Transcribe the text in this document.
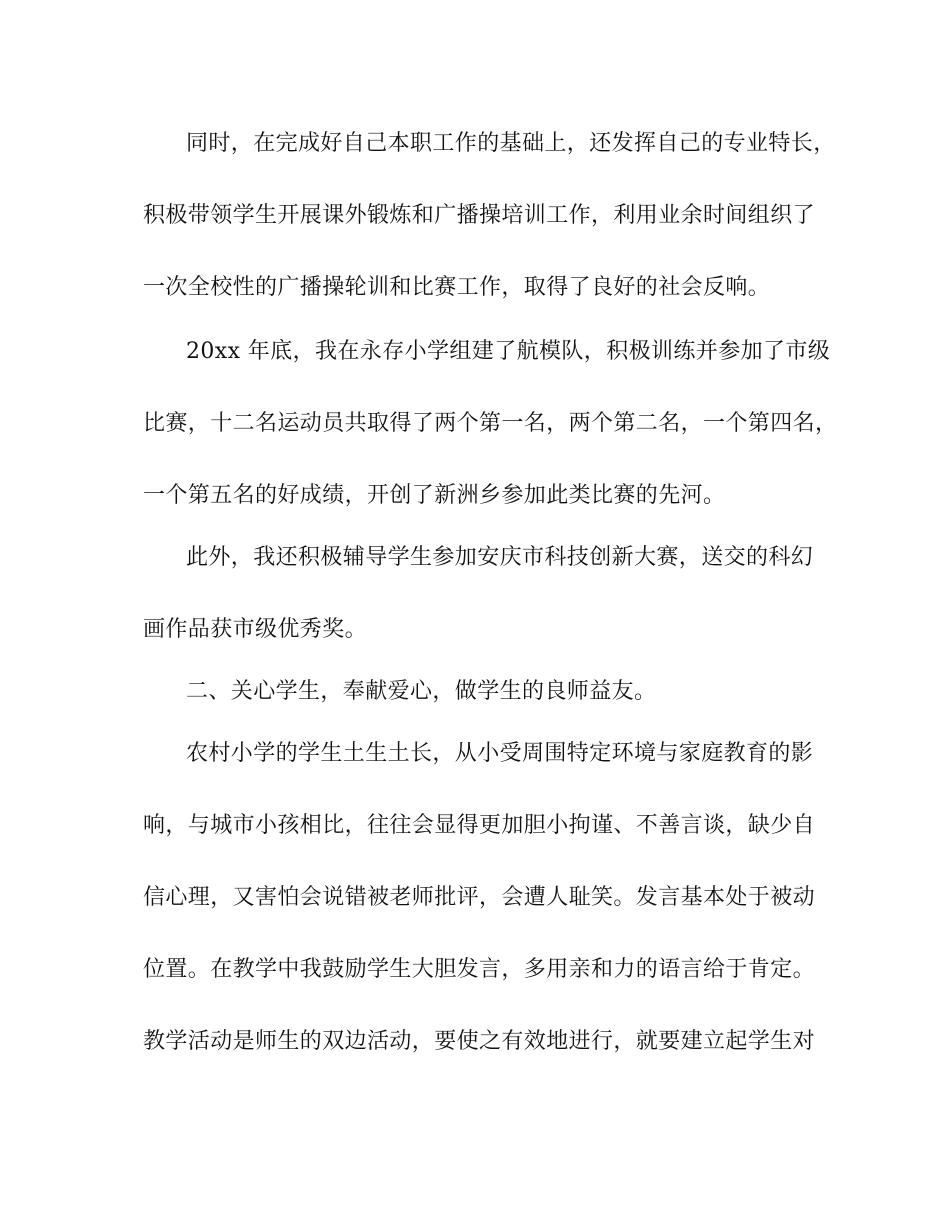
同时，在完成好自己本职工作的基础上，还发挥自己的专业特长，
积极带领学生开展课外锻炼和广播操培训工作，利用业余时间组织了
一次全校性的广播操轮训和比赛工作，取得了良好的社会反响。
20xx 年底，我在永存小学组建了航模队，积极训练并参加了市级
比赛，十二名运动员共取得了两个第一名，两个第二名，一个第四名，
一个第五名的好成绩，开创了新洲乡参加此类比赛的先河。
此外，我还积极辅导学生参加安庆市科技创新大赛，送交的科幻
画作品获市级优秀奖。
二、关心学生，奉献爱心，做学生的良师益友。
农村小学的学生土生土长，从小受周围特定环境与家庭教育的影
响，与城市小孩相比，往往会显得更加胆小拘谨、不善言谈，缺少自
信心理，又害怕会说错被老师批评，会遭人耻笑。发言基本处于被动
位置。在教学中我鼓励学生大胆发言，多用亲和力的语言给于肯定。
教学活动是师生的双边活动，要使之有效地进行，就要建立起学生对
